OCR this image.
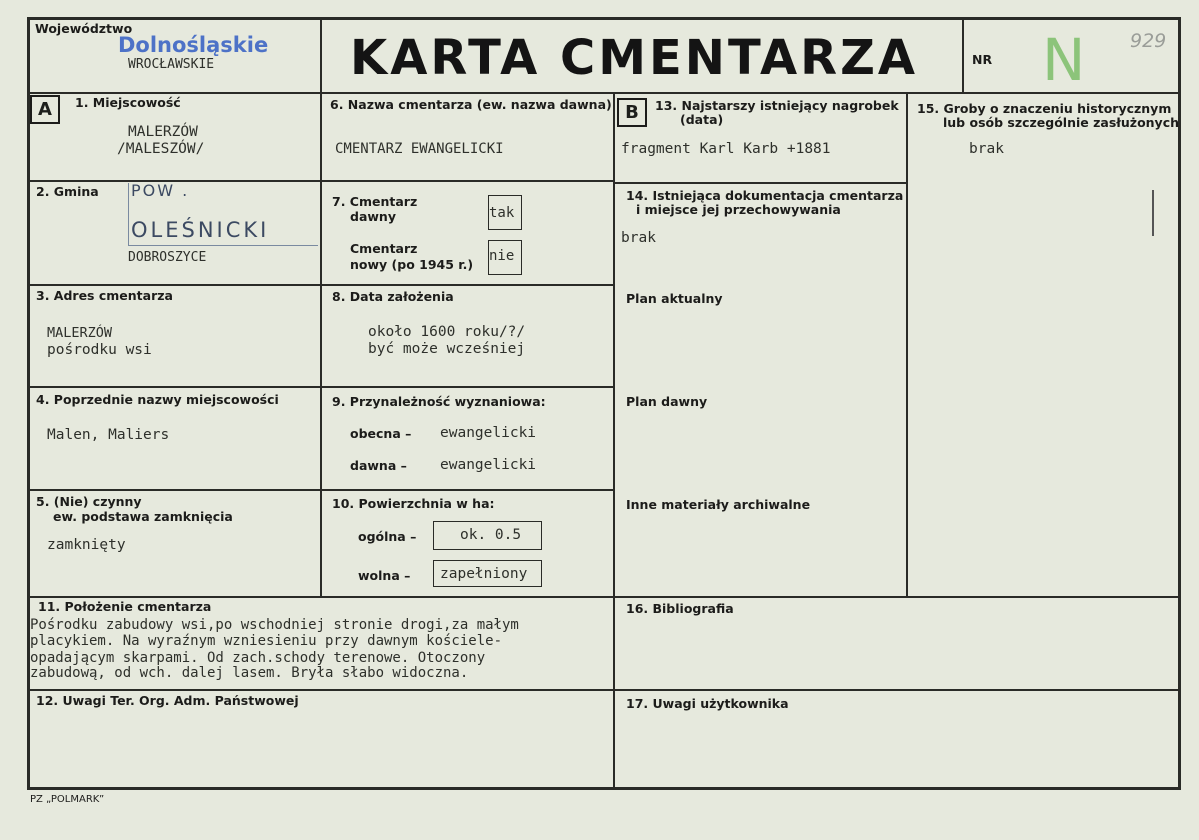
Województwo
Dolnośląskie
WROCŁAWSKIE	KARTA CMENTARZA	NR N 929
A	1. Miejscowość
MALERZÓW
/MALESZÓW/
2. Gmina POW .
OLEŚNICKI
DOBROSZYCE
3. Adres cmentarza
MALERZÓW
pośrodku wsi
4. Poprzednie nazwy miejscowości
Malen, Maliers
5. (Nie) czynny
ew. podstawa zamknięcia
zamknięty
6. Nazwa cmentarza (ew. nazwa dawna)
CMENTARZ EWANGELICKI
7. Cmentarz
dawny	tak
Cmentarz
nowy (po 1945 r.)
nie
8. Data założenia
około 1600 roku/?/
być może wcześniej
9. Przynależność wyznaniowa:
obecna – ewangelicki
dawna – ewangelicki
10. Powierzchnia w ha:
ogólna –	ok. 0.5
wolna – zapełniony
11. Położenie cmentarza
Pośrodku zabudowy wsi,po wschodniej stronie drogi,za małym
placykiem. Na wyraźnym wzniesieniu przy dawnym kościele-
opadającym skarpami. Od zach.schody terenowe. Otoczony
zabudową, od wch. dalej lasem. Bryła słabo widoczna.
12. Uwagi Ter. Org. Adm. Państwowej
B	13. Najstarszy istniejący nagrobek
(data)
fragment Karl Karb +1881
14. Istniejąca dokumentacja cmentarza
i miejsce jej przechowywania
brak
Plan aktualny
Plan dawny
Inne materiały archiwalne
15. Groby o znaczeniu historycznym
lub osób szczególnie zasłużonych
brak
16. Bibliografia
17. Uwagi użytkownika
PZ „POLMARK”
